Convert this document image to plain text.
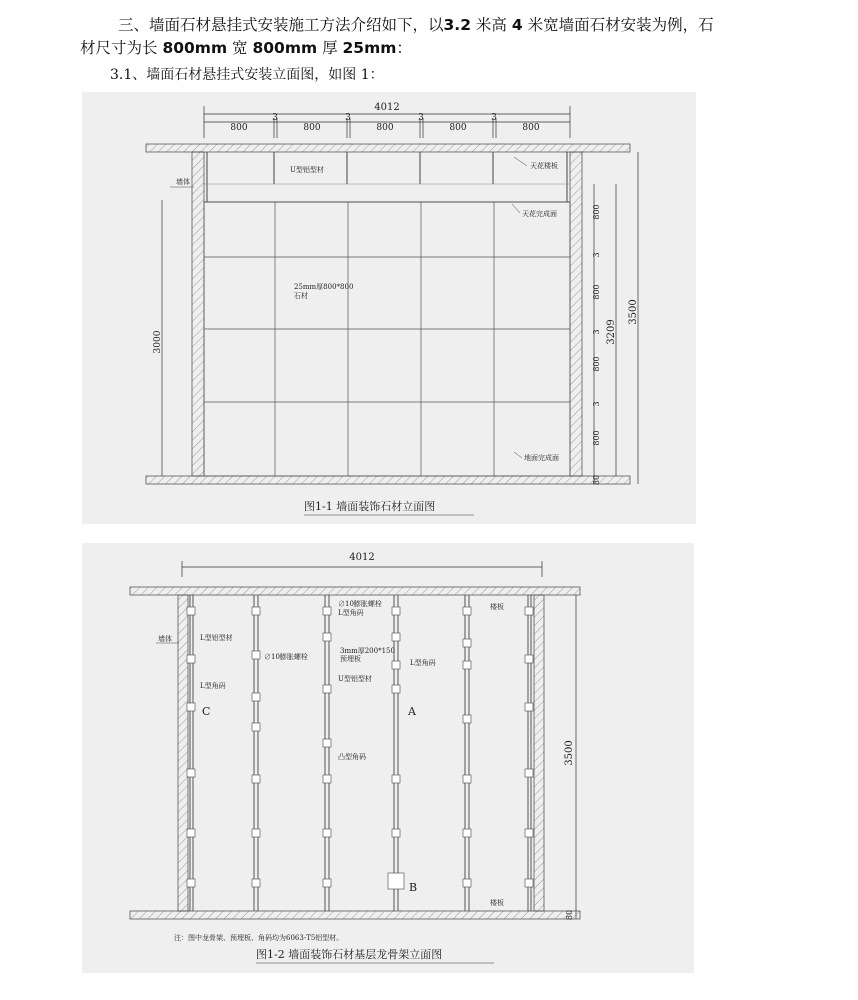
三、墙面石材悬挂式安装施工方法介绍如下，以3.2 米高 4 米宽墙面石材安装为例，石
材尺寸为长 800mm 宽 800mm 厚 25mm：
3.1、墙面石材悬挂式安装立面图，如图 1：
4012
800
3
800
3
800
3
800
3
800
墙体
U型铝型材	天花楼板
天花完成面
25mm厚800*800
石材
地面完成面
3000
800
3
800
3
800
3
800
80
3209
3500
图1-1 墙面装饰石材立面图
4012
墙体	L型铝型材
L型角码
∅10膨胀螺栓
L型角码
∅10膨胀螺栓
3mm厚200*150
预埋板	L型角码
U型铝型材
凸型角码
楼板
楼板
注：图中龙骨架、预埋板、角码均为6063-T5铝型材。
C	A
B
3500
80
图1-2 墙面装饰石材基层龙骨架立面图
